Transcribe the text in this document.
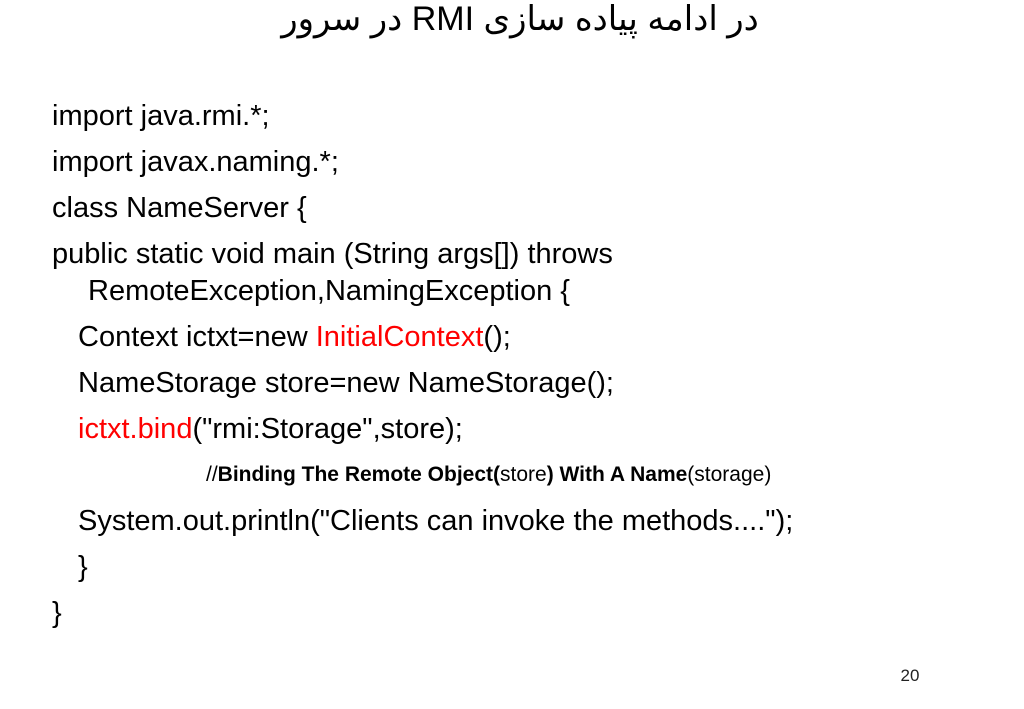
در ادامه پیاده سازی RMI در سرور
import java.rmi.*;
import javax.naming.*;
class NameServer {
public static void main (String args[]) throws
RemoteException,NamingException {
Context ictxt=new InitialContext();
NameStorage store=new NameStorage();
ictxt.bind("rmi:Storage",store);
//Binding The Remote Object(store) With A Name(storage)
System.out.println("Clients can invoke the methods....");
}
}
20
